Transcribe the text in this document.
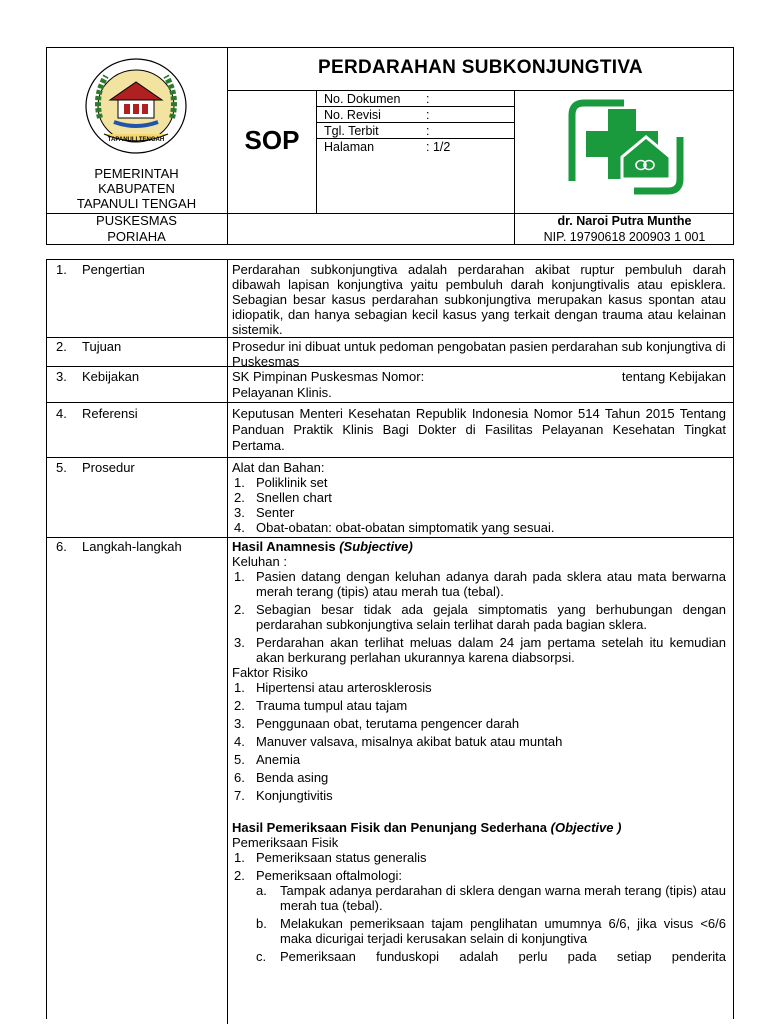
TAPANULI TENGAH
PEMERINTAH
KABUPATEN
TAPANULI TENGAH
PUSKESMAS
PORIAHA
PERDARAHAN SUBKONJUNGTIVA
SOP
No. Dokumen :
No. Revisi	:
Tgl. Terbit	:
Halaman	: 1/2
dr. Naroi Putra Munthe
NIP. 19790618 200903 1 001
1. Pengertian	Perdarahan subkonjungtiva adalah perdarahan akibat ruptur pembuluh darah dibawah lapisan konjungtiva yaitu pembuluh darah konjungtivalis atau episklera. Sebagian besar kasus perdarahan subkonjungtiva merupakan kasus spontan atau idiopatik, dan hanya sebagian kecil kasus yang terkait dengan trauma atau kelainan sistemik.
2. Tujuan	Prosedur ini dibuat untuk pedoman pengobatan pasien perdarahan sub konjungtiva di Puskesmas
3. Kebijakan	SK Pimpinan Puskesmas Nomor:	tentang Kebijakan
Pelayanan Klinis.
4. Referensi	Keputusan Menteri Kesehatan Republik Indonesia Nomor 514 Tahun 2015 Tentang Panduan Praktik Klinis Bagi Dokter di Fasilitas Pelayanan Kesehatan Tingkat Pertama.
5. Prosedur	Alat dan Bahan:
1. Poliklinik set
2. Snellen chart
3. Senter
4. Obat-obatan: obat-obatan simptomatik yang sesuai.
6. Langkah-langkah	Hasil Anamnesis (Subjective)
Keluhan :
1. Pasien datang dengan keluhan adanya darah pada sklera atau mata berwarna merah terang (tipis) atau merah tua (tebal).
2. Sebagian besar tidak ada gejala simptomatis yang berhubungan dengan perdarahan subkonjungtiva selain terlihat darah pada bagian sklera.
3. Perdarahan akan terlihat meluas dalam 24 jam pertama setelah itu kemudian akan berkurang perlahan ukurannya karena diabsorpsi.
Faktor Risiko
1. Hipertensi atau arterosklerosis
2. Trauma tumpul atau tajam
3. Penggunaan obat, terutama pengencer darah
4. Manuver valsava, misalnya akibat batuk atau muntah
5. Anemia
6. Benda asing
7. Konjungtivitis
Hasil Pemeriksaan Fisik dan Penunjang Sederhana (Objective )
Pemeriksaan Fisik
1. Pemeriksaan status generalis
2. Pemeriksaan oftalmologi:
a. Tampak adanya perdarahan di sklera dengan warna merah terang (tipis) atau merah tua (tebal).
b. Melakukan pemeriksaan tajam penglihatan umumnya 6/6, jika visus <6/6 maka dicurigai terjadi kerusakan selain di konjungtiva
c. Pemeriksaan funduskopi adalah perlu pada setiap penderita
